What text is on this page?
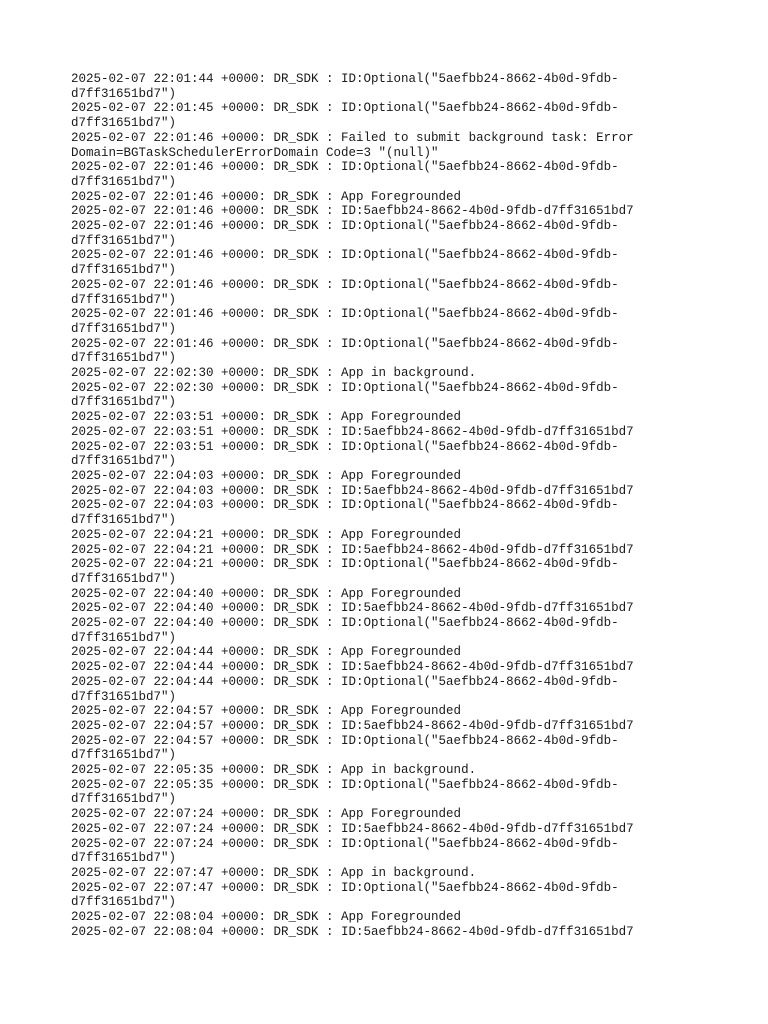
2025-02-07 22:01:44 +0000: DR_SDK : ID:Optional("5aefbb24-8662-4b0d-9fdb-d7ff31651bd7")
2025-02-07 22:01:45 +0000: DR_SDK : ID:Optional("5aefbb24-8662-4b0d-9fdb-d7ff31651bd7")
2025-02-07 22:01:46 +0000: DR_SDK : Failed to submit background task: Error Domain=BGTaskSchedulerErrorDomain Code=3 "(null)"
2025-02-07 22:01:46 +0000: DR_SDK : ID:Optional("5aefbb24-8662-4b0d-9fdb-d7ff31651bd7")
2025-02-07 22:01:46 +0000: DR_SDK : App Foregrounded
2025-02-07 22:01:46 +0000: DR_SDK : ID:5aefbb24-8662-4b0d-9fdb-d7ff31651bd7
2025-02-07 22:01:46 +0000: DR_SDK : ID:Optional("5aefbb24-8662-4b0d-9fdb-d7ff31651bd7")
2025-02-07 22:01:46 +0000: DR_SDK : ID:Optional("5aefbb24-8662-4b0d-9fdb-d7ff31651bd7")
2025-02-07 22:01:46 +0000: DR_SDK : ID:Optional("5aefbb24-8662-4b0d-9fdb-d7ff31651bd7")
2025-02-07 22:01:46 +0000: DR_SDK : ID:Optional("5aefbb24-8662-4b0d-9fdb-d7ff31651bd7")
2025-02-07 22:01:46 +0000: DR_SDK : ID:Optional("5aefbb24-8662-4b0d-9fdb-d7ff31651bd7")
2025-02-07 22:02:30 +0000: DR_SDK : App in background.
2025-02-07 22:02:30 +0000: DR_SDK : ID:Optional("5aefbb24-8662-4b0d-9fdb-d7ff31651bd7")
2025-02-07 22:03:51 +0000: DR_SDK : App Foregrounded
2025-02-07 22:03:51 +0000: DR_SDK : ID:5aefbb24-8662-4b0d-9fdb-d7ff31651bd7
2025-02-07 22:03:51 +0000: DR_SDK : ID:Optional("5aefbb24-8662-4b0d-9fdb-d7ff31651bd7")
2025-02-07 22:04:03 +0000: DR_SDK : App Foregrounded
2025-02-07 22:04:03 +0000: DR_SDK : ID:5aefbb24-8662-4b0d-9fdb-d7ff31651bd7
2025-02-07 22:04:03 +0000: DR_SDK : ID:Optional("5aefbb24-8662-4b0d-9fdb-d7ff31651bd7")
2025-02-07 22:04:21 +0000: DR_SDK : App Foregrounded
2025-02-07 22:04:21 +0000: DR_SDK : ID:5aefbb24-8662-4b0d-9fdb-d7ff31651bd7
2025-02-07 22:04:21 +0000: DR_SDK : ID:Optional("5aefbb24-8662-4b0d-9fdb-d7ff31651bd7")
2025-02-07 22:04:40 +0000: DR_SDK : App Foregrounded
2025-02-07 22:04:40 +0000: DR_SDK : ID:5aefbb24-8662-4b0d-9fdb-d7ff31651bd7
2025-02-07 22:04:40 +0000: DR_SDK : ID:Optional("5aefbb24-8662-4b0d-9fdb-d7ff31651bd7")
2025-02-07 22:04:44 +0000: DR_SDK : App Foregrounded
2025-02-07 22:04:44 +0000: DR_SDK : ID:5aefbb24-8662-4b0d-9fdb-d7ff31651bd7
2025-02-07 22:04:44 +0000: DR_SDK : ID:Optional("5aefbb24-8662-4b0d-9fdb-d7ff31651bd7")
2025-02-07 22:04:57 +0000: DR_SDK : App Foregrounded
2025-02-07 22:04:57 +0000: DR_SDK : ID:5aefbb24-8662-4b0d-9fdb-d7ff31651bd7
2025-02-07 22:04:57 +0000: DR_SDK : ID:Optional("5aefbb24-8662-4b0d-9fdb-d7ff31651bd7")
2025-02-07 22:05:35 +0000: DR_SDK : App in background.
2025-02-07 22:05:35 +0000: DR_SDK : ID:Optional("5aefbb24-8662-4b0d-9fdb-d7ff31651bd7")
2025-02-07 22:07:24 +0000: DR_SDK : App Foregrounded
2025-02-07 22:07:24 +0000: DR_SDK : ID:5aefbb24-8662-4b0d-9fdb-d7ff31651bd7
2025-02-07 22:07:24 +0000: DR_SDK : ID:Optional("5aefbb24-8662-4b0d-9fdb-d7ff31651bd7")
2025-02-07 22:07:47 +0000: DR_SDK : App in background.
2025-02-07 22:07:47 +0000: DR_SDK : ID:Optional("5aefbb24-8662-4b0d-9fdb-d7ff31651bd7")
2025-02-07 22:08:04 +0000: DR_SDK : App Foregrounded
2025-02-07 22:08:04 +0000: DR_SDK : ID:5aefbb24-8662-4b0d-9fdb-d7ff31651bd7
